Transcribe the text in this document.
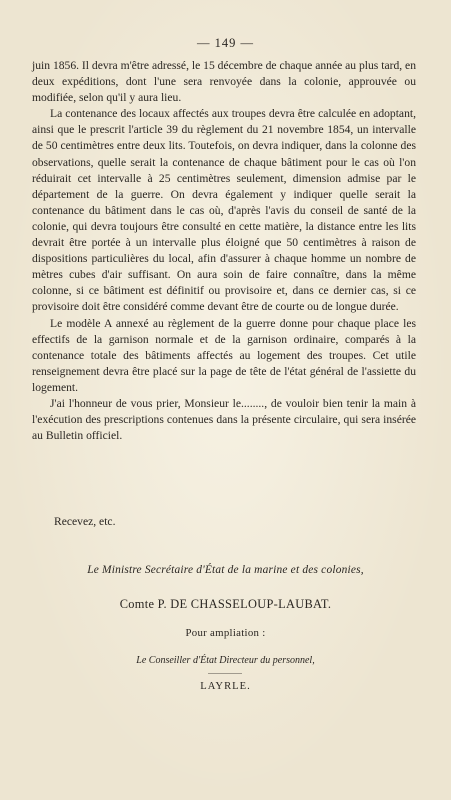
— 149 —

juin 1856. Il devra m'être adressé, le 15 décembre de chaque année au plus tard, en deux expéditions, dont l'une sera renvoyée dans la colonie, approuvée ou modifiée, selon qu'il y aura lieu.

La contenance des locaux affectés aux troupes devra être calculée en adoptant, ainsi que le prescrit l'article 39 du règlement du 21 novembre 1854, un intervalle de 50 centimètres entre deux lits. Toutefois, on devra indiquer, dans la colonne des observations, quelle serait la contenance de chaque bâtiment pour le cas où l'on réduirait cet intervalle à 25 centimètres seulement, dimension admise par le département de la guerre. On devra également y indiquer quelle serait la contenance du bâtiment dans le cas où, d'après l'avis du conseil de santé de la colonie, qui devra toujours être consulté en cette matière, la distance entre les lits devrait être portée à un intervalle plus éloigné que 50 centimètres à raison de dispositions particulières du local, afin d'assurer à chaque homme un nombre de mètres cubes d'air suffisant. On aura soin de faire connaître, dans la même colonne, si ce bâtiment est définitif ou provisoire et, dans ce dernier cas, si ce provisoire doit être considéré comme devant être de courte ou de longue durée.

Le modèle A annexé au règlement de la guerre donne pour chaque place les effectifs de la garnison normale et de la garnison ordinaire, comparés à la contenance totale des bâtiments affectés au logement des troupes. Cet utile renseignement devra être placé sur la page de tête de l'état général de l'assiette du logement.

J'ai l'honneur de vous prier, Monsieur le........, de vouloir bien tenir la main à l'exécution des prescriptions contenues dans la présente circulaire, qui sera insérée au Bulletin officiel.

Recevez, etc.
Le Ministre Secrétaire d'État de la marine et des colonies,
Comte P. DE CHASSELOUP-LAUBAT.
Pour ampliation :
Le Conseiller d'État Directeur du personnel,
LAYRLE.
